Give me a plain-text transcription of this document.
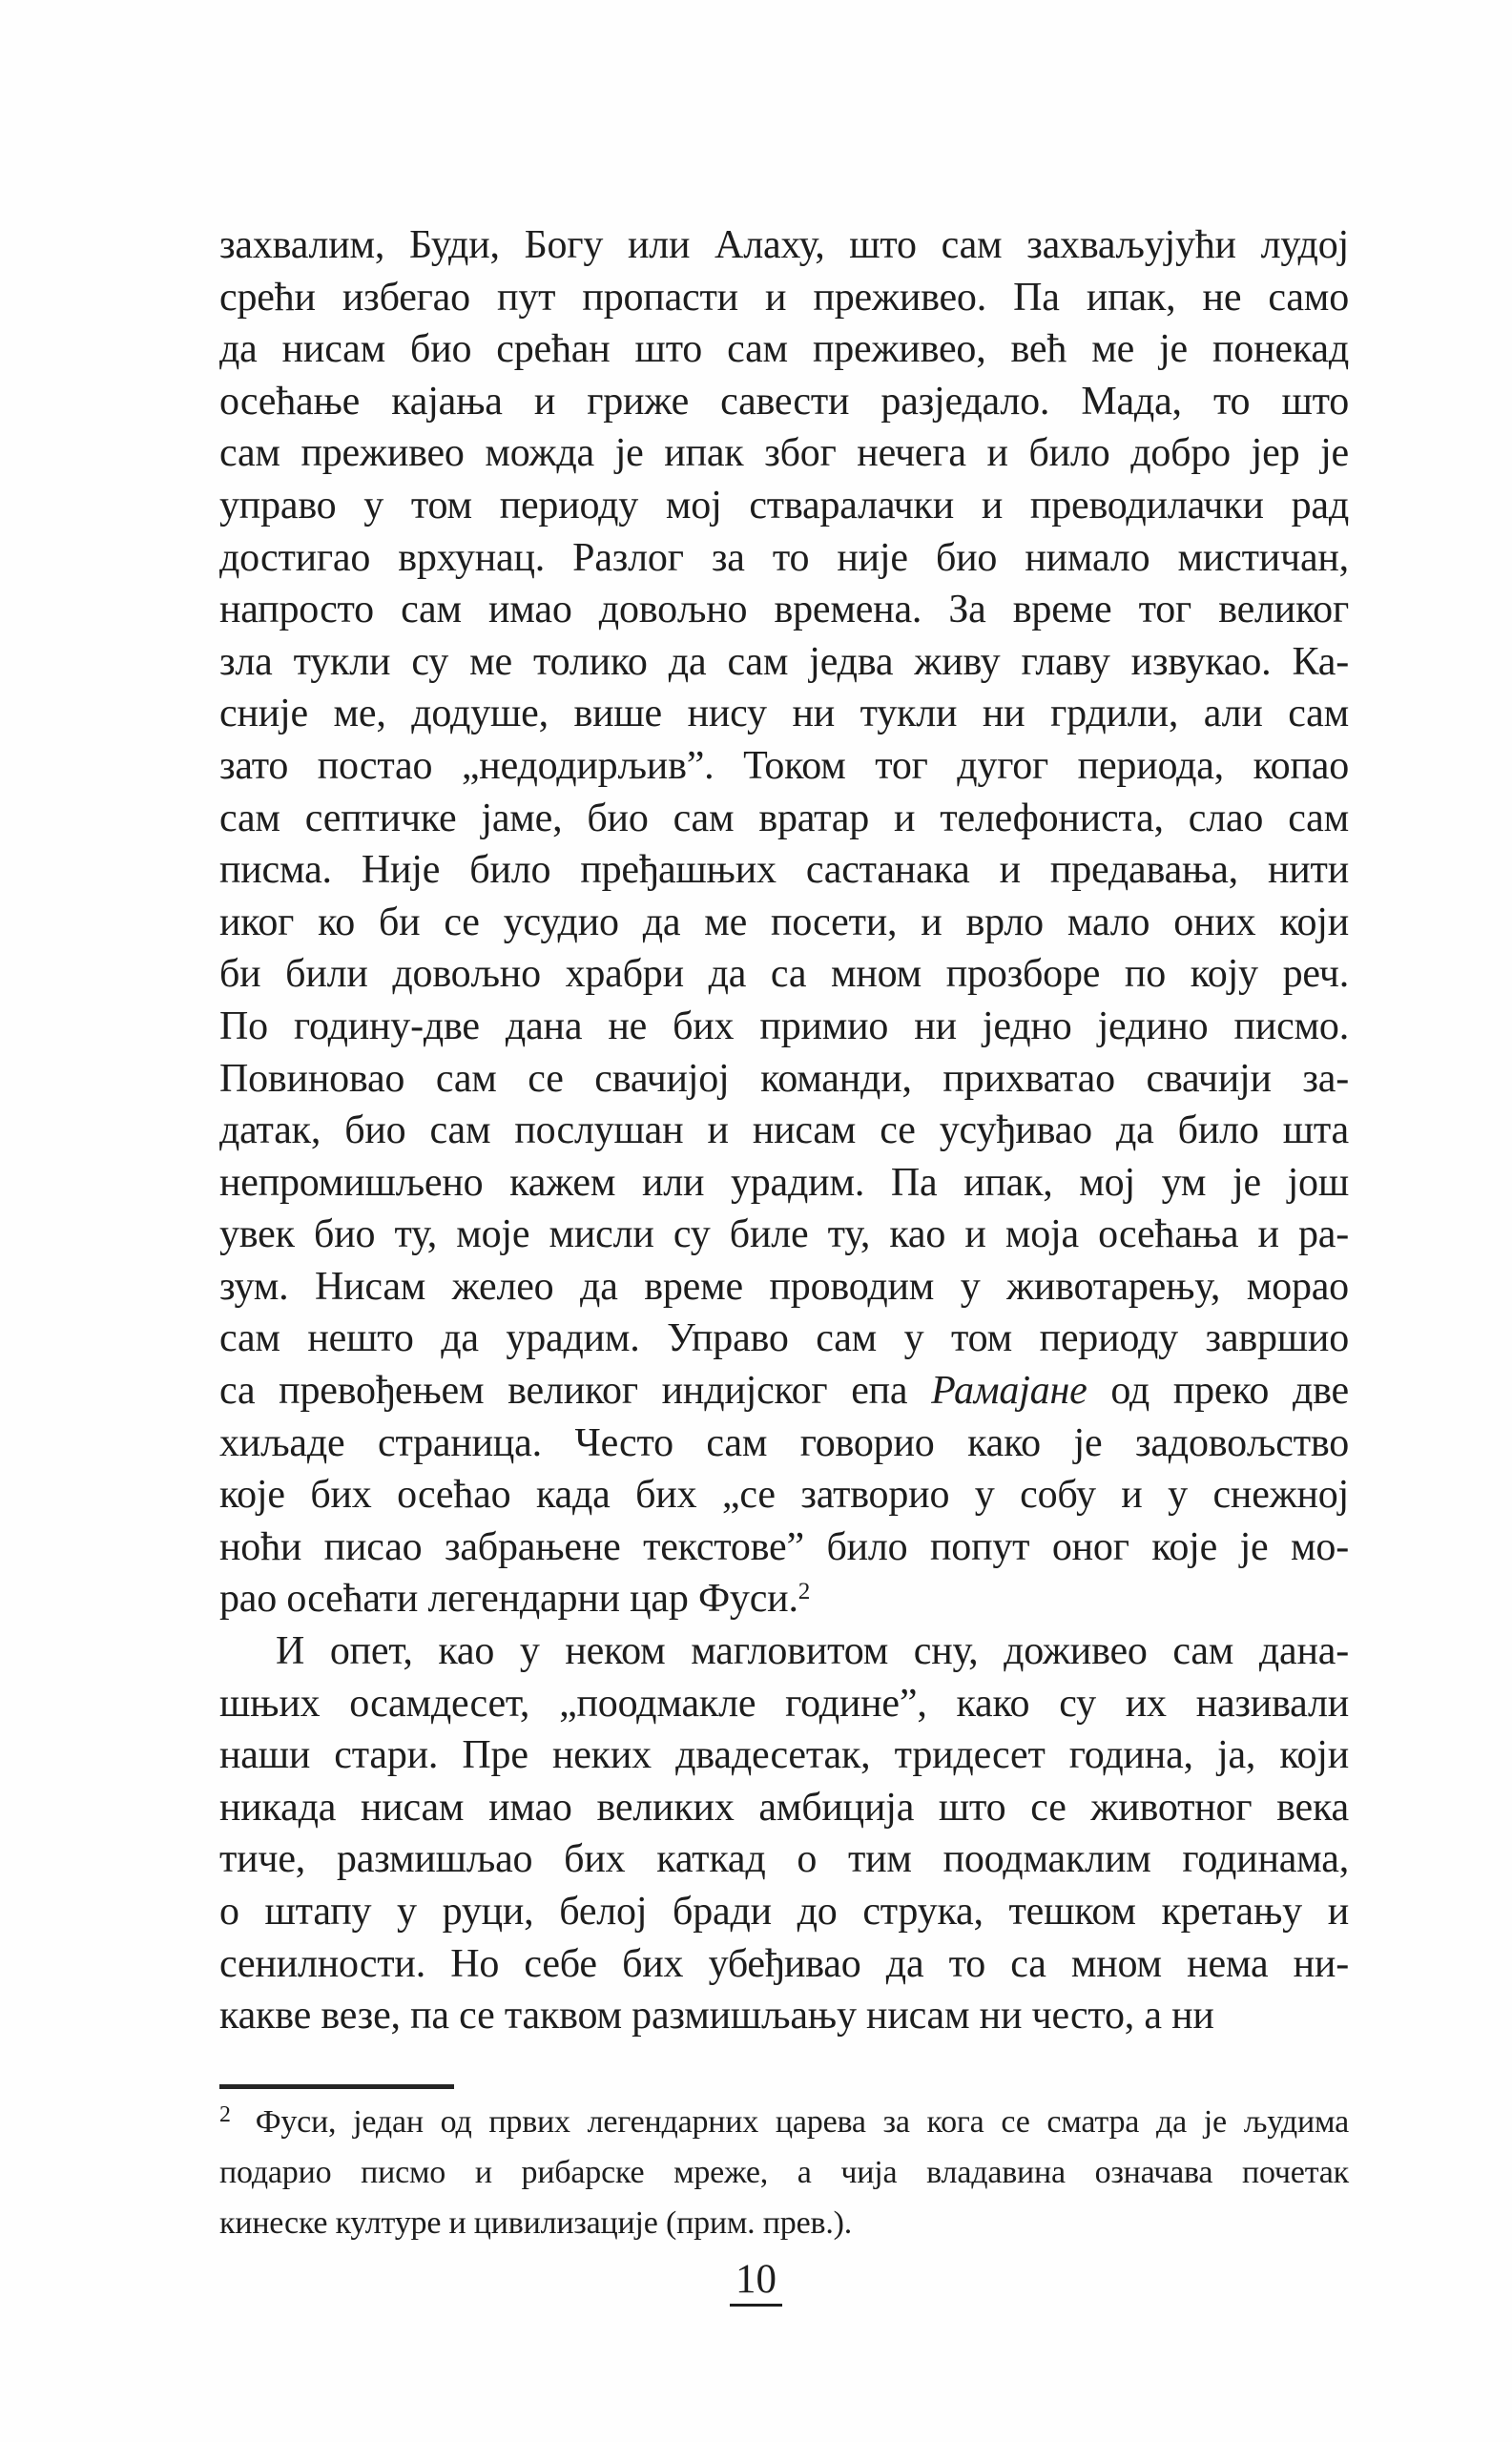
захвалим, Буди, Богу или Алаху, што сам захваљујући лудој
срећи избегао пут пропасти и преживео. Па ипак, не само
да нисам био срећан што сам преживео, већ ме је понекад
осећање кајања и гриже савести разједало. Мада, то што
сам преживео можда је ипак због нечега и било добро јер је
управо у том периоду мој стваралачки и преводилачки рад
достигао врхунац. Разлог за то није био нимало мистичан,
напросто сам имао довољно времена. За време тог великог
зла тукли су ме толико да сам једва живу главу извукао. Ка-
сније ме, додуше, више нису ни тукли ни грдили, али сам
зато постао „недодирљив”. Током тог дугог периода, копао
сам септичке јаме, био сам вратар и телефониста, слао сам
писма. Није било пређашњих састанака и предавања, нити
иког ко би се усудио да ме посети, и врло мало оних који
би били довољно храбри да са мном прозборе по коју реч.
По годину-две дана не бих примио ни једно једино писмо.
Повиновао сам се свачијој команди, прихватао свачији за-
датак, био сам послушан и нисам се усуђивао да било шта
непромишљено кажем или урадим. Па ипак, мој ум је још
увек био ту, моје мисли су биле ту, као и моја осећања и ра-
зум. Нисам желео да време проводим у животарењу, морао
сам нешто да урадим. Управо сам у том периоду завршио
са превођењем великог индијског епа Рамајане од преко две
хиљаде страница. Често сам говорио како је задовољство
које бих осећао када бих „се затворио у собу и у снежној
ноћи писао забрањене текстове” било попут оног које је мо-
рао осећати легендарни цар Фуси.$^2$
И опет, као у неком магловитом сну, доживео сам дана-
шњих осамдесет, „поодмакле године”, како су их називали
наши стари. Пре неких двадесетак, тридесет година, ја, који
никада нисам имао великих амбиција што се животног века
тиче, размишљао бих каткад о тим поодмаклим годинама,
о штапу у руци, белој бради до струка, тешком кретању и
сенилности. Но себе бих убеђивао да то са мном нема ни-
какве везе, па се таквом размишљању нисам ни често, а ни
$^2$ Фуси, један од првих легендарних царева за кога се сматра да је људима
подарио писмо и рибарске мреже, а чија владавина означава почетак
кинеске културе и цивилизације (прим. прев.).
10
